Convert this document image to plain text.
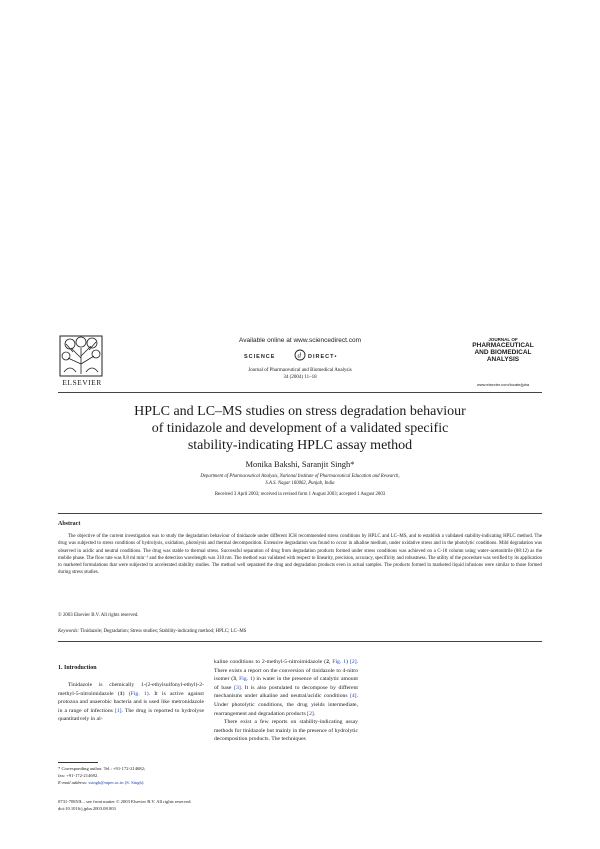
ELSEVIER
Available online at www.sciencedirect.com
SCIENCE	d DIRECT•
Journal of Pharmaceutical and Biomedical Analysis
34 (2004) 11–18
JOURNAL OF
PHARMACEUTICAL
AND BIOMEDICAL
ANALYSIS
www.elsevier.com/locate/jpba
HPLC and LC–MS studies on stress degradation behaviour
of tinidazole and development of a validated specific
stability-indicating HPLC assay method
Monika Bakshi, Saranjit Singh*
Department of Pharmaceutical Analysis, National Institute of Pharmaceutical Education and Research,
S.A.S. Nagar 160062, Punjab, India
Received 3 April 2003; received in revised form 1 August 2003; accepted 1 August 2003
Abstract
The objective of the current investigation was to study the degradation behaviour of tinidazole under different ICH recommended stress conditions by HPLC and LC–MS, and to establish a validated stability-indicating HPLC method. The drug was subjected to stress conditions of hydrolysis, oxidation, photolysis and thermal decomposition. Extensive degradation was found to occur in alkaline medium, under oxidative stress and in the photolytic conditions. Mild degradation was observed in acidic and neutral conditions. The drug was stable to thermal stress. Successful separation of drug from degradation products formed under stress conditions was achieved on a C-18 column using water–acetonitrile (88:12) as the mobile phase. The flow rate was 0.8 ml min⁻¹ and the detection wavelength was 310 nm. The method was validated with respect to linearity, precision, accuracy, specificity and robustness. The utility of the procedure was verified by its application to marketed formulations that were subjected to accelerated stability studies. The method well separated the drug and degradation products even in actual samples. The products formed in marketed liquid infusions were similar to those formed during stress studies.
© 2003 Elsevier B.V. All rights reserved.
Keywords: Tinidazole; Degradation; Stress studies; Stability-indicating method; HPLC; LC–MS
1. Introduction
Tinidazole is chemically 1-(2-ethylsulfonyl-ethyl)-2-methyl-5-nitroimidazole (1) (Fig. 1). It is active against protozoa and anaerobic bacteria and is used like metronidazole in a range of infections [1]. The drug is reported to hydrolyse quantitatively in al-

kaline conditions to 2-methyl-5-nitroimidazole (2, Fig. 1) [2]. There exists a report on the conversion of tinidazole to 4-nitro isomer (3, Fig. 1) in water in the presence of catalytic amount of base [3]. It is also postulated to decompose by different mechanisms under alkaline and neutral/acidic conditions [4]. Under photolytic conditions, the drug yields intermediate, rearrangement and degradation products [2].

There exist a few reports on stability-indicating assay methods for tinidazole but mainly in the presence of hydrolytic decomposition products. The techniques

* Corresponding author. Tel.: +91-172-214682;
fax: +91-172-214692.
E-mail address: ssingh@niper.ac.in (S. Singh).
0731-7085/$ – see front matter © 2003 Elsevier B.V. All rights reserved.
doi:10.1016/j.jpba.2003.08.003
